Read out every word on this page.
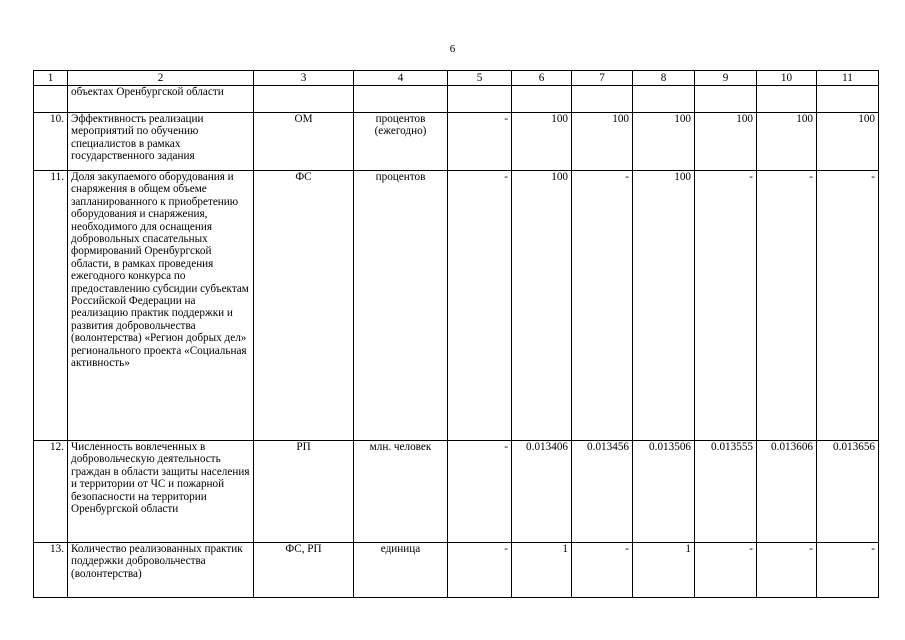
6
1	2	3	4	5	6	7	8	9	10	11
	объектах Оренбургской области									
10.	Эффективность реализации мероприятий по обучению специалистов в рамках государственного задания	ОМ	процентов (ежегодно)	-	100	100	100	100	100	100
11.	Доля закупаемого оборудования и снаряжения в общем объеме запланированного к приобретению оборудования и снаряжения, необходимого для оснащения добровольных спасательных формирований Оренбургской области, в рамках проведения ежегодного конкурса по предоставлению субсидии субъектам Российской Федерации на реализацию практик поддержки и развития добровольчества (волонтерства) «Регион добрых дел» регионального проекта «Социальная активность»	ФС	процентов	-	100	-	100	-	-	-
12.	Численность вовлеченных в добровольческую деятельность граждан в области защиты населения и территории от ЧС и пожарной безопасности на территории Оренбургской области	РП	млн. человек	-	0.013406	0.013456	0.013506	0.013555	0.013606	0.013656
13.	Количество реализованных практик поддержки добровольчества (волонтерства)	ФС, РП	единица	-	1	-	1	-	-	-
